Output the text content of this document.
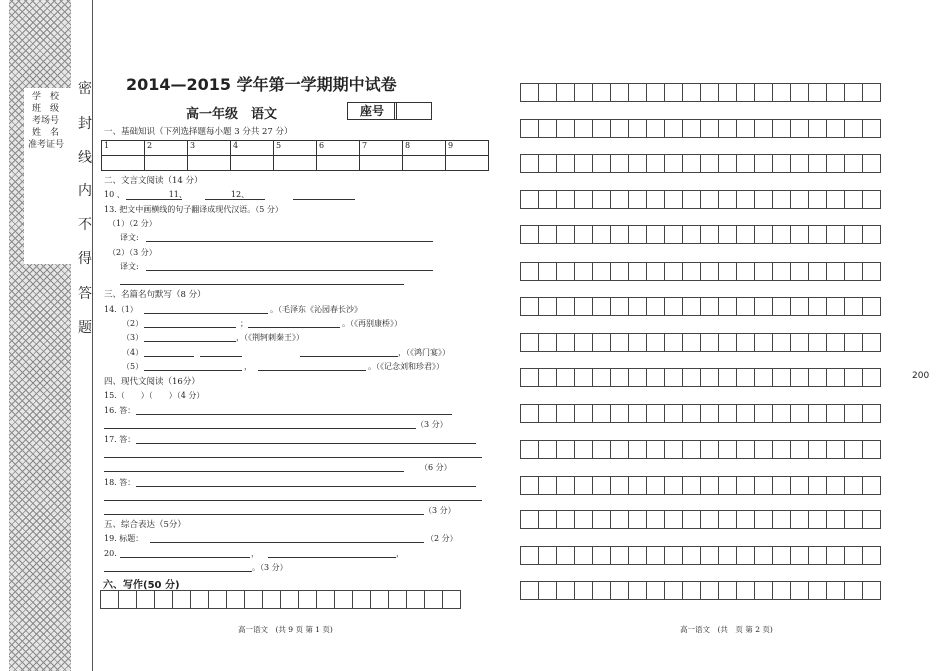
学　校
班　级
考场号
姓　名
准考证号
密
封
线
内
不
得
答
题
2014—2015 学年第一学期期中试卷
高一年级　语文	座号
一、基础知识（下列选择题每小题 3 分共 27 分）
1	2	3	4	5	6	7	8	9

二、文言文阅读（14 分）
10 、　　　　　　11、　　　　　　12、
13. 把文中画横线的句子翻译成现代汉语。（5 分）
（1）（2 分）
译文:
（2）（3 分）
译文:
三、名篇名句默写（8 分）
14.（1）	。（毛泽东《沁园春长沙》
（2）	；	。（《再别康桥》）
（3）	，（《荆轲刺秦王》）
（4）	，（《鸿门宴》）
（5）	，	。（《记念刘和珍君》）
四、现代文阅读（16分）
15.（　　）（　　）（4 分）
16. 答：
（3 分）
17. 答：
（6 分）
18. 答：
（3 分）
五、综合表达（5分）
19. 标题：	（2 分）
20.	，	，
。（3 分）
六、写作(50 分)
200
高一语文　(共 9 页 第 1 页)	高一语文　(共　页 第 2 页)
